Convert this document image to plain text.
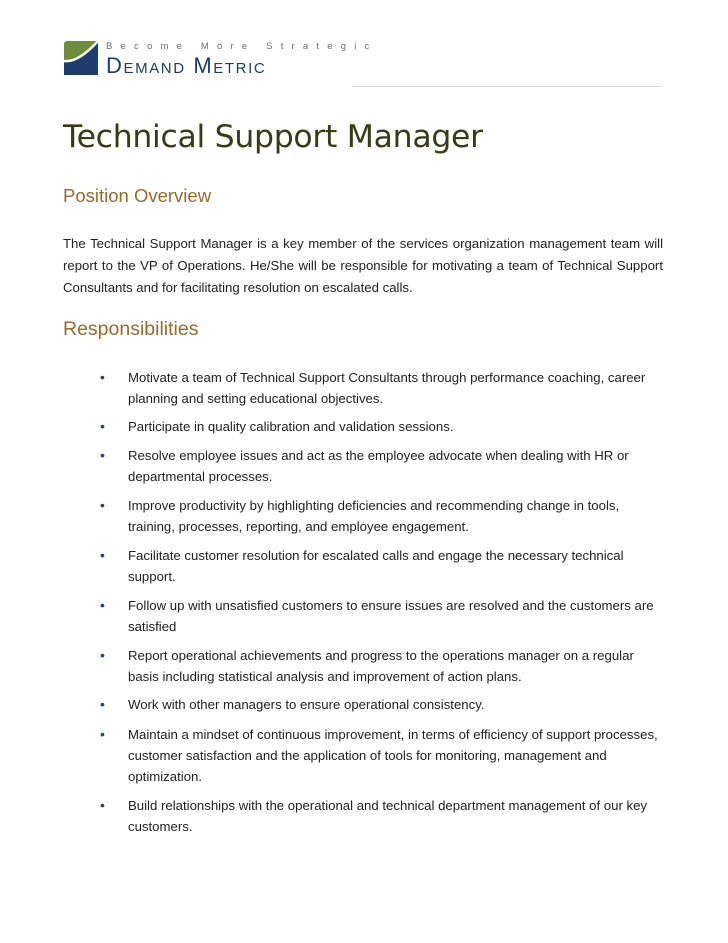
Become More Strategic
Demand Metric
Technical Support Manager
Position Overview

The Technical Support Manager is a key member of the services organization management team will report to the VP of Operations. He/She will be responsible for motivating a team of Technical Support Consultants and for facilitating resolution on escalated calls.

Responsibilities
•	Motivate a team of Technical Support Consultants through performance coaching, career planning and setting educational objectives.
•	Participate in quality calibration and validation sessions.
•	Resolve employee issues and act as the employee advocate when dealing with HR or departmental processes.
•	Improve productivity by highlighting deficiencies and recommending change in tools, training, processes, reporting, and employee engagement.
•	Facilitate customer resolution for escalated calls and engage the necessary technical support.
•	Follow up with unsatisfied customers to ensure issues are resolved and the customers are satisfied
•	Report operational achievements and progress to the operations manager on a regular basis including statistical analysis and improvement of action plans.
•	Work with other managers to ensure operational consistency.
•	Maintain a mindset of continuous improvement, in terms of efficiency of support processes, customer satisfaction and the application of tools for monitoring, management and optimization.
•	Build relationships with the operational and technical department management of our key customers.
